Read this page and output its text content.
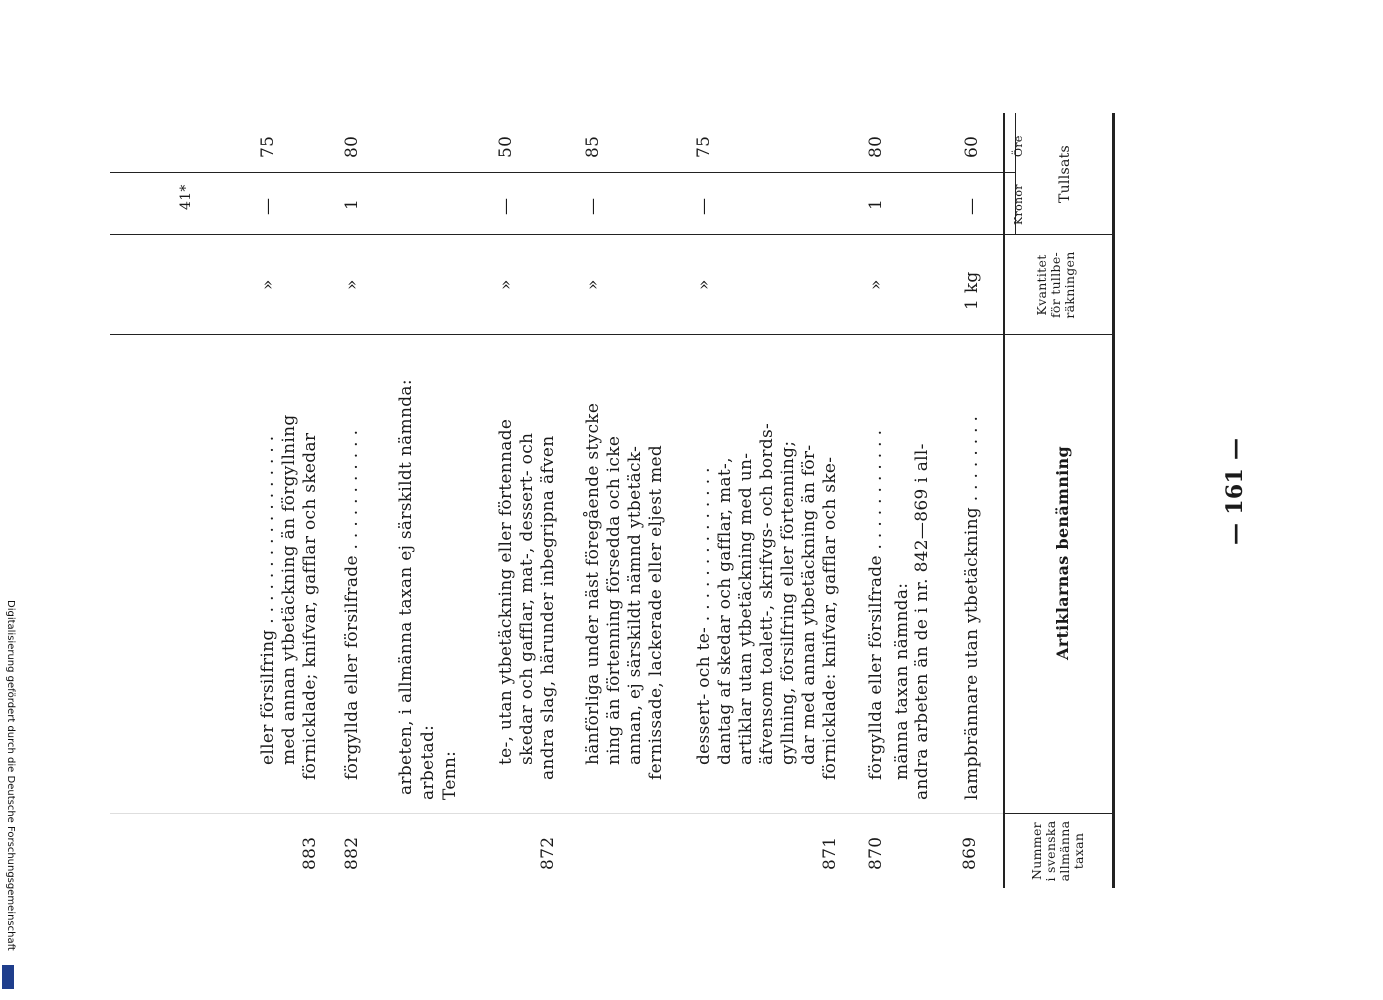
— 161 —
Nummer i svenska allmänna taxan
Artiklarnas benämning
Kvantitet för tullbe- räkningen
Tullsats
Kronor
Öre
869
lampbrännare utan ytbetäckning . . . . . . . .
1 kg
—
60
andra arbeten än de i nr. 842—869 i all-
männa taxan nämnda:
870
förgyllda eller försilfrade . . . . . . . . . . .
»
1
80
871
förnicklade: knifvar, gafflar och ske-
dar med annan ytbetäckning än för-
gyllning, försilfring eller förtenning;
äfvensom toalett-, skrifvgs- och bords-
artiklar utan ytbetäckning med un-
dantag af skedar och gafflar, mat-,
dessert- och te- . . . . . . . . . . . . . .
»
—
75
fernissade, lackerade eller eljest med
annan, ej särskildt nämnd ytbetäck-
ning än förtenning försedda och icke
hänförliga under näst föregående stycke
»
—
85
872
andra slag, härunder inbegripna äfven
skedar och gafflar, mat-, dessert- och
te-, utan ytbetäckning eller förtennade
»
—
50
Tenn:
arbetad:
arbeten, i allmänna taxan ej särskildt nämnda:
882
förgyllda eller försilfrade . . . . . . . . . . .
»
1
80
883
förnicklade; knifvar, gafflar och skedar
med annan ytbetäckning än förgyllning
eller försilfring . . . . . . . . . . . . . . . . .
»
—
75
41*
Digitalisierung gefördert durch die Deutsche Forschungsgemeinschaft
